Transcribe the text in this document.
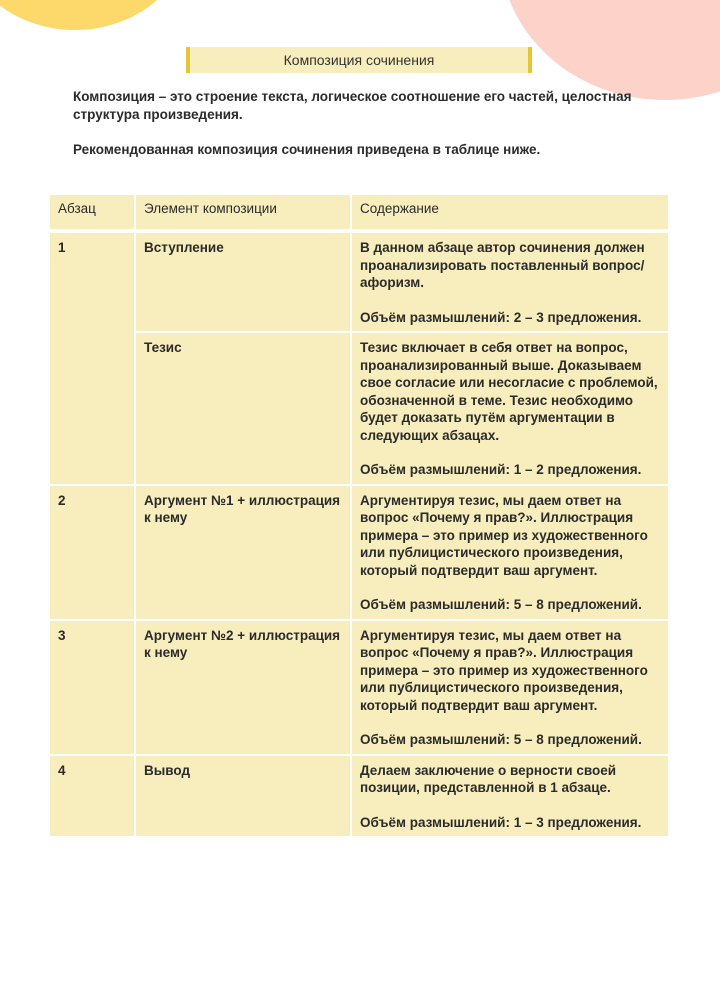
Композиция сочинения

Композиция – это строение текста, логическое соотношение его частей, целостная структура произведения.

Рекомендованная композиция сочинения приведена в таблице ниже.

Абзац	Элемент композиции	Содержание

1	Вступление	В данном абзаце автор сочинения должен проанализировать поставленный вопрос/афоризм.
Объём размышлений: 2 – 3 предложения.

	Тезис	Тезис включает в себя ответ на вопрос, проанализированный выше. Доказываем свое согласие или несогласие с проблемой, обозначенной в теме. Тезис необходимо будет доказать путём аргументации в следующих абзацах.
Объём размышлений: 1 – 2 предложения.

2	Аргумент №1 + иллюстрация к нему	Аргументируя тезис, мы даем ответ на вопрос «Почему я прав?». Иллюстрация примера – это пример из художественного или публицистического произведения, который подтвердит ваш аргумент.
Объём размышлений: 5 – 8 предложений.

3	Аргумент №2 + иллюстрация к нему	Аргументируя тезис, мы даем ответ на вопрос «Почему я прав?». Иллюстрация примера – это пример из художественного или публицистического произведения, который подтвердит ваш аргумент.
Объём размышлений: 5 – 8 предложений.

4	Вывод	Делаем заключение о верности своей позиции, представленной в 1 абзаце.
Объём размышлений: 1 – 3 предложения.
